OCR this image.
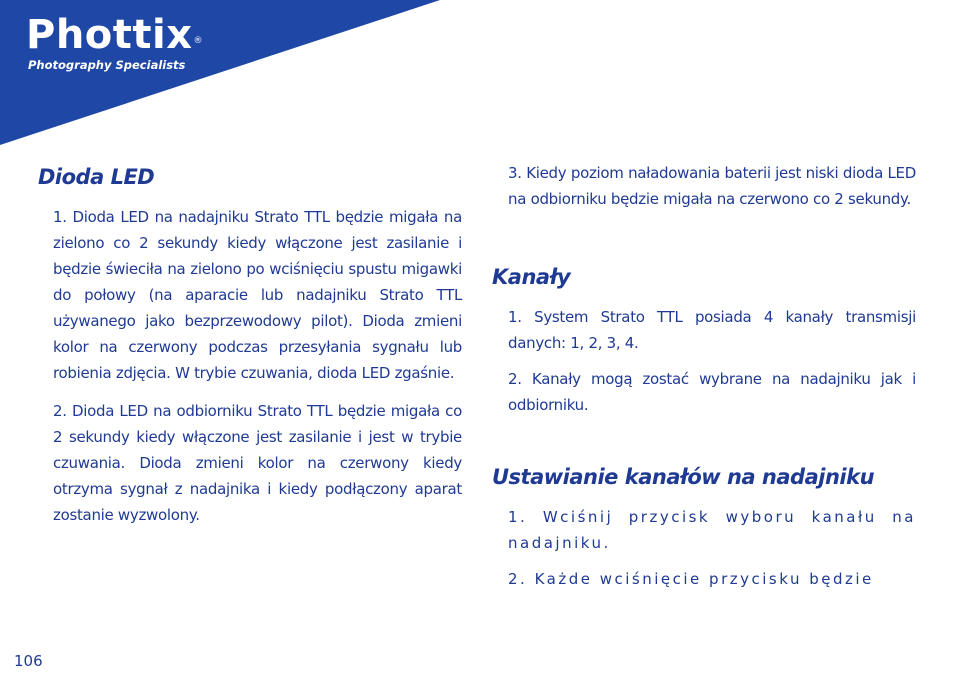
Phottix®
Photography Specialists
Dioda LED

1. Dioda LED na nadajniku Strato TTL będzie migała na zielono co 2 sekundy kiedy włączone jest zasilanie i będzie świeciła na zielono po wciśnięciu spustu migawki do połowy (na aparacie lub nadajniku Strato TTL używanego jako bezprzewodowy pilot). Dioda zmieni kolor na czerwony podczas przesyłania sygnału lub robienia zdjęcia. W trybie czuwania, dioda LED zgaśnie.

2. Dioda LED na odbiorniku Strato TTL będzie migała co 2 sekundy kiedy włączone jest zasilanie i jest w trybie czuwania. Dioda zmieni kolor na czerwony kiedy otrzyma sygnał z nadajnika i kiedy podłączony aparat zostanie wyzwolony.

3. Kiedy poziom naładowania baterii jest niski dioda LED na odbiorniku będzie migała na czerwono co 2 sekundy.

Kanały

1. System Strato TTL posiada 4 kanały transmisji danych: 1, 2, 3, 4.

2. Kanały mogą zostać wybrane na nadajniku jak i odbiorniku.

Ustawianie kanałów na nadajniku

1. Wciśnij przycisk wyboru kanału na nadajniku.

2. Każde wciśnięcie przycisku będzie

106
